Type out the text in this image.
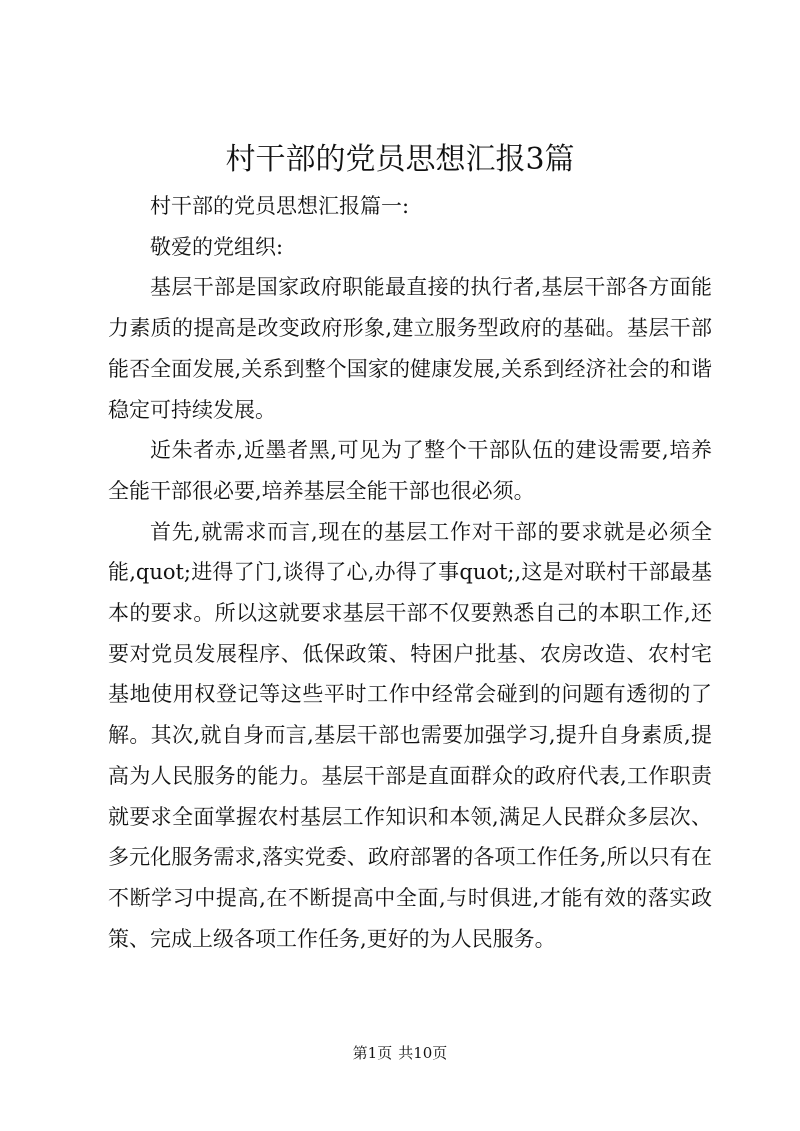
村干部的党员思想汇报3篇

村干部的党员思想汇报篇一:

敬爱的党组织:

基层干部是国家政府职能最直接的执行者,基层干部各方面能力素质的提高是改变政府形象,建立服务型政府的基础。基层干部能否全面发展,关系到整个国家的健康发展,关系到经济社会的和谐稳定可持续发展。

近朱者赤,近墨者黑,可见为了整个干部队伍的建设需要,培养全能干部很必要,培养基层全能干部也很必须。

首先,就需求而言,现在的基层工作对干部的要求就是必须全能,quot;进得了门,谈得了心,办得了事quot;,这是对联村干部最基本的要求。所以这就要求基层干部不仅要熟悉自己的本职工作,还要对党员发展程序、低保政策、特困户批基、农房改造、农村宅基地使用权登记等这些平时工作中经常会碰到的问题有透彻的了解。其次,就自身而言,基层干部也需要加强学习,提升自身素质,提高为人民服务的能力。基层干部是直面群众的政府代表,工作职责就要求全面掌握农村基层工作知识和本领,满足人民群众多层次、多元化服务需求,落实党委、政府部署的各项工作任务,所以只有在不断学习中提高,在不断提高中全面,与时俱进,才能有效的落实政策、完成上级各项工作任务,更好的为人民服务。

第1页 共10页
